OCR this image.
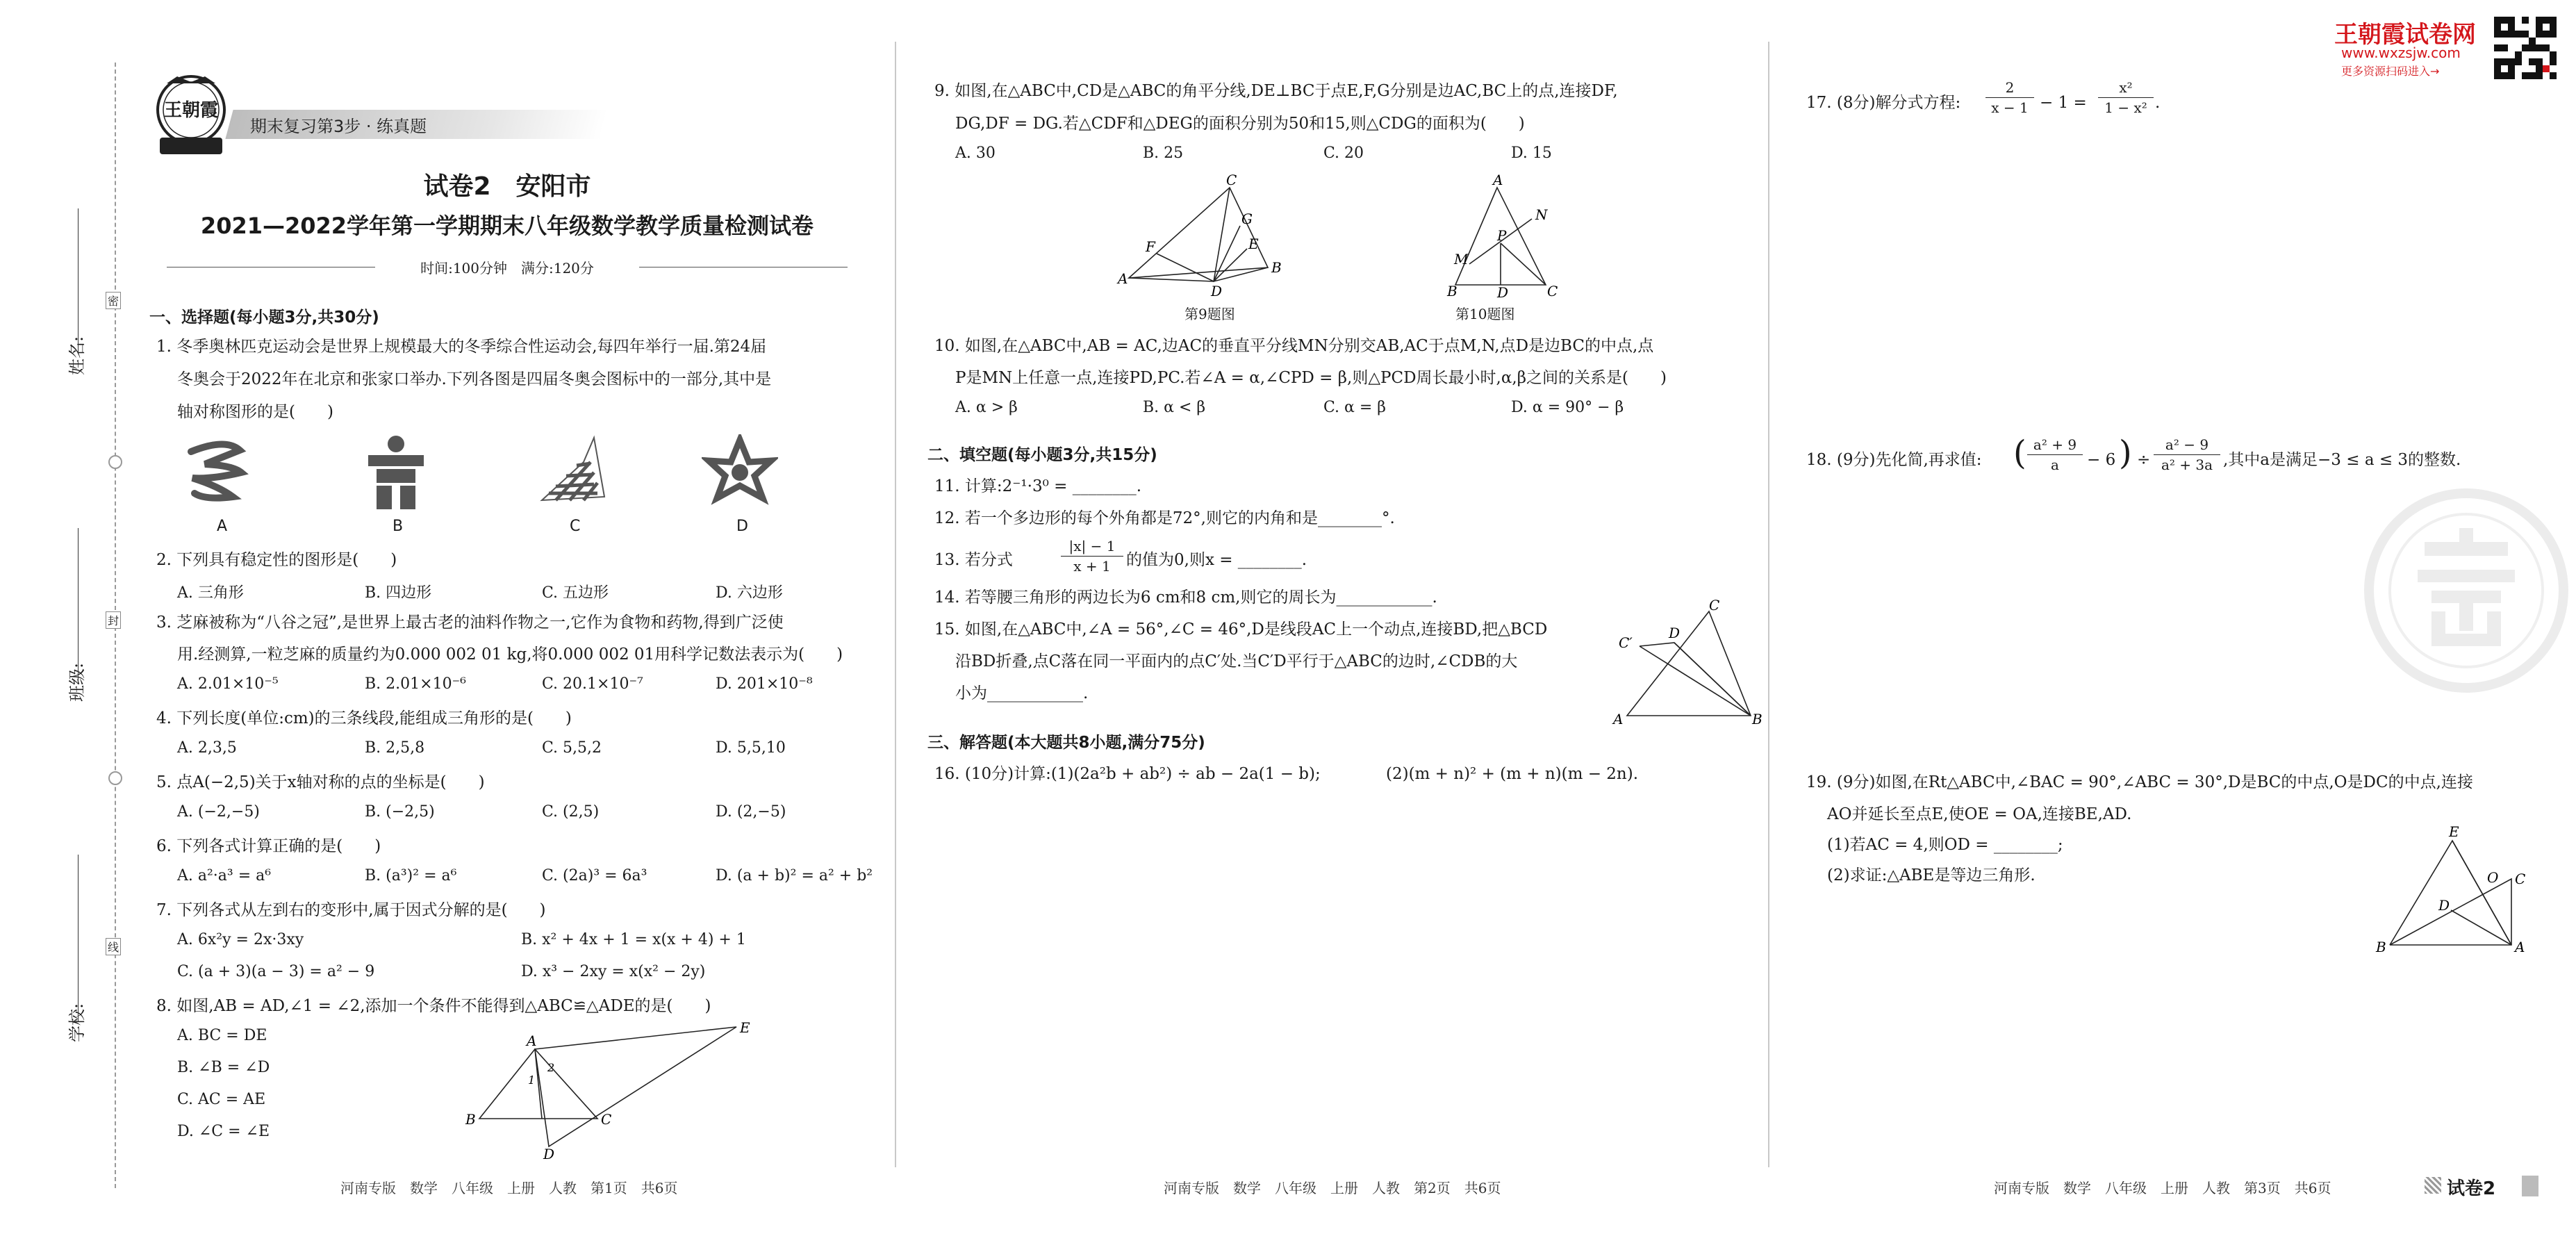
姓名:
班级:
学校:
密
封
线
王朝霞
期末复习第3步 · 练真题
试卷2　安阳市
2021—2022学年第一学期期末八年级数学教学质量检测试卷
时间:100分钟　满分:120分
一、选择题(每小题3分,共30分)
1. 冬季奥林匹克运动会是世界上规模最大的冬季综合性运动会,每四年举行一届.第24届
冬奥会于2022年在北京和张家口举办.下列各图是四届冬奥会图标中的一部分,其中是
轴对称图形的是(　　)
A	B	C	D
2. 下列具有稳定性的图形是(　　)
A. 三角形	B. 四边形	C. 五边形	D. 六边形
3. 芝麻被称为“八谷之冠”,是世界上最古老的油料作物之一,它作为食物和药物,得到广泛使
用.经测算,一粒芝麻的质量约为0.000 002 01 kg,将0.000 002 01用科学记数法表示为(　　)
A. 2.01×10⁻⁵	B. 2.01×10⁻⁶	C. 20.1×10⁻⁷	D. 201×10⁻⁸
4. 下列长度(单位:cm)的三条线段,能组成三角形的是(　　)
A. 2,3,5	B. 2,5,8	C. 5,5,2	D. 5,5,10
5. 点A(−2,5)关于x轴对称的点的坐标是(　　)
A. (−2,−5)	B. (−2,5)	C. (2,5)	D. (2,−5)
6. 下列各式计算正确的是(　　)
A. a²·a³ = a⁶	B. (a³)² = a⁶	C. (2a)³ = 6a³	D. (a + b)² = a² + b²
7. 下列各式从左到右的变形中,属于因式分解的是(　　)
A. 6x²y = 2x·3xy	B. x² + 4x + 1 = x(x + 4) + 1
C. (a + 3)(a − 3) = a² − 9	D. x³ − 2xy = x(x² − 2y)
8. 如图,AB = AD,∠1 = ∠2,添加一个条件不能得到△ABC≌△ADE的是(　　)
A. BC = DE
B. ∠B = ∠D
C. AC = AE
D. ∠C = ∠E
A
E
B	C
D
1
2
河南专版　数学　八年级　上册　人教　第1页　共6页
9. 如图,在△ABC中,CD是△ABC的角平分线,DE⊥BC于点E,F,G分别是边AC,BC上的点,连接DF,
DG,DF = DG.若△CDF和△DEG的面积分别为50和15,则△CDG的面积为(　　)
A. 30	B. 25	C. 20	D. 15
C
G
E
F
B
A
D
第9题图
A
N
P
M
B	D	C
第10题图
10. 如图,在△ABC中,AB = AC,边AC的垂直平分线MN分别交AB,AC于点M,N,点D是边BC的中点,点
P是MN上任意一点,连接PD,PC.若∠A = α,∠CPD = β,则△PCD周长最小时,α,β之间的关系是(　　)
A. α > β	B. α < β	C. α = β	D. α = 90° − β
二、填空题(每小题3分,共15分)
11. 计算:2⁻¹·3⁰ = ________.
12. 若一个多边形的每个外角都是72°,则它的内角和是________°.
13. 若分式	$\frac{|x| - 1}{x + 1}$ 的值为0,则x = ________.
14. 若等腰三角形的两边长为6 cm和8 cm,则它的周长为____________.
15. 如图,在△ABC中,∠A = 56°,∠C = 46°,D是线段AC上一个动点,连接BD,把△BCD
沿BD折叠,点C落在同一平面内的点C′处.当C′D平行于△ABC的边时,∠CDB的大
小为____________.
C
D
C′
A	B
三、解答题(本大题共8小题,满分75分)
16. (10分)计算:(1)(2a²b + ab²) ÷ ab − 2a(1 − b);	(2)(m + n)² + (m + n)(m − 2n).
河南专版　数学　八年级　上册　人教　第2页　共6页
王朝霞试卷网
www.wxzsjw.com
更多资源扫码进入→
17. (8分)解分式方程: $\frac{2}{x - 1} - 1 = \frac{\text{x²}}{\text{1 − x²}}$ .
18. (9分)先化简,再求值: ( $\frac{\text{a² + 9}}{a} - 6$ ) ÷ $\frac{\text{a² − 9}}{\text{a² + 3a}}$ ,其中a是满足−3 ≤ a ≤ 3的整数.
19. (9分)如图,在Rt△ABC中,∠BAC = 90°,∠ABC = 30°,D是BC的中点,O是DC的中点,连接
AO并延长至点E,使OE = OA,连接BE,AD.
(1)若AC = 4,则OD = ________;
(2)求证:△ABE是等边三角形.
E
O C
D
B	A
河南专版　数学　八年级　上册　人教　第3页　共6页	试卷2
